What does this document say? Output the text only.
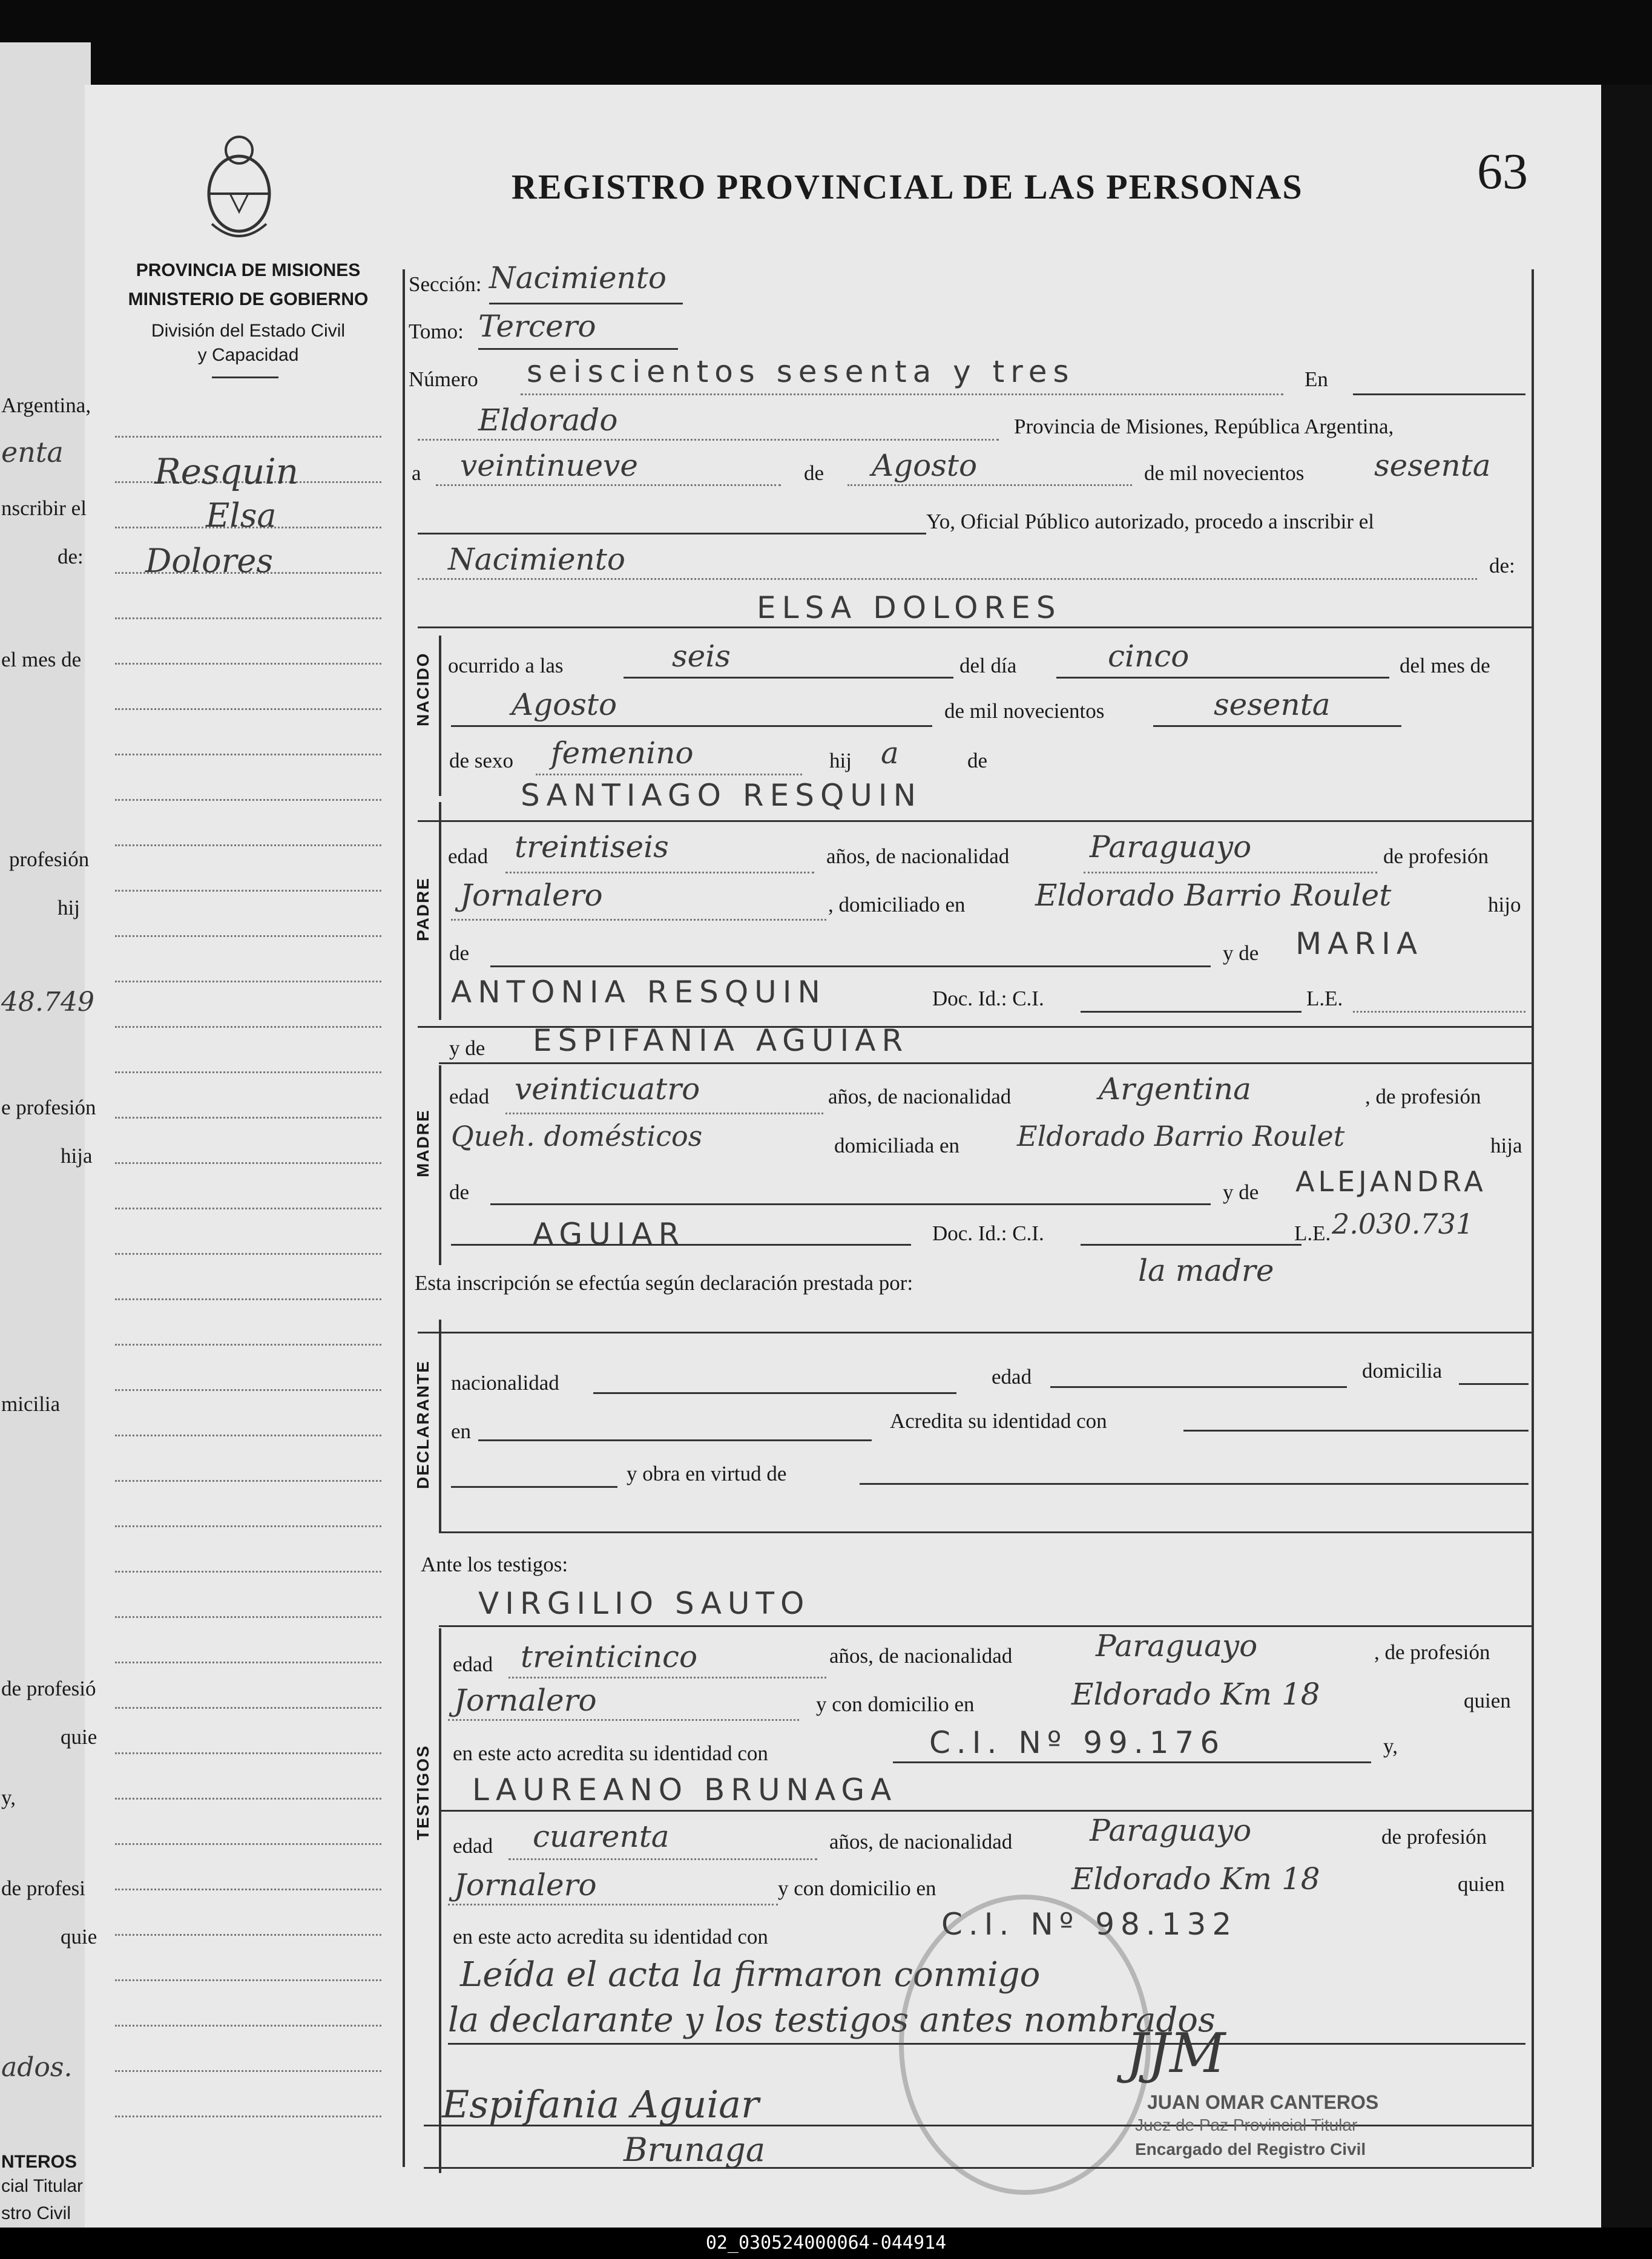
Argentina,
enta
nscribir el
de:
el mes de
profesión
hij
48.749
e profesión
hija
micilia
de profesió
quie
y,
de profesi
quie
ados.
NTEROS
cial Titular
stro Civil
REGISTRO PROVINCIAL DE LAS PERSONAS	63
PROVINCIA DE MISIONES
MINISTERIO DE GOBIERNO
División del Estado Civil
y Capacidad
Resquin
Elsa
Dolores
Sección: Nacimiento
Tomo: Tercero
Número seiscientos sesenta y tres	En
Eldorado	Provincia de Misiones, República Argentina,
a veintinueve	de Agosto	de mil novecientos sesenta
Yo, Oficial Público autorizado, procedo a inscribir el
Nacimiento	de:
ELSA DOLORES
NACIDO ocurrido a las	seis	del día	cinco	del mes de
Agosto	de mil novecientos	sesenta
de sexo femenino	hij a	de
SANTIAGO RESQUIN
PADRE
edad treintiseis	años, de nacionalidad	Paraguayo	de profesión
Jornalero	, domiciliado en Eldorado Barrio Roulet	hijo
de	y de MARIA
ANTONIA RESQUIN	Doc. Id.: C.I.	L.E.
y de ESPIFANIA AGUIAR
MADRE
edad veinticuatro	años, de nacionalidad	Argentina	, de profesión
Queh. domésticos	domiciliada en Eldorado Barrio Roulet	hija
de	y de ALEJANDRA
AGUIAR	Doc. Id.: C.I.	L.E. 2.030.731
Esta inscripción se efectúa según declaración prestada por:	la madre
DECLARANTE nacionalidad	edad	domicilia
en	Acredita su identidad con
y obra en virtud de
Ante los testigos:
VIRGILIO SAUTO
TESTIGOS
edad treinticinco	años, de nacionalidad	Paraguayo	, de profesión
Jornalero	y con domicilio en	Eldorado Km 18	quien
en este acto acredita su identidad con	C.I. Nº 99.176	y,
LAUREANO BRUNAGA
edad cuarenta	años, de nacionalidad	Paraguayo	de profesión
Jornalero	y con domicilio en	Eldorado Km 18	quien
en este acto acredita su identidad con	C.I. Nº 98.132
Leída el acta la firmaron conmigo
la declarante y los testigos antes nombrados
Espifania Aguiar
Brunaga
JJM
JUAN OMAR CANTEROS
Juez de Paz Provincial Titular
Encargado del Registro Civil
02_030524000064-044914
